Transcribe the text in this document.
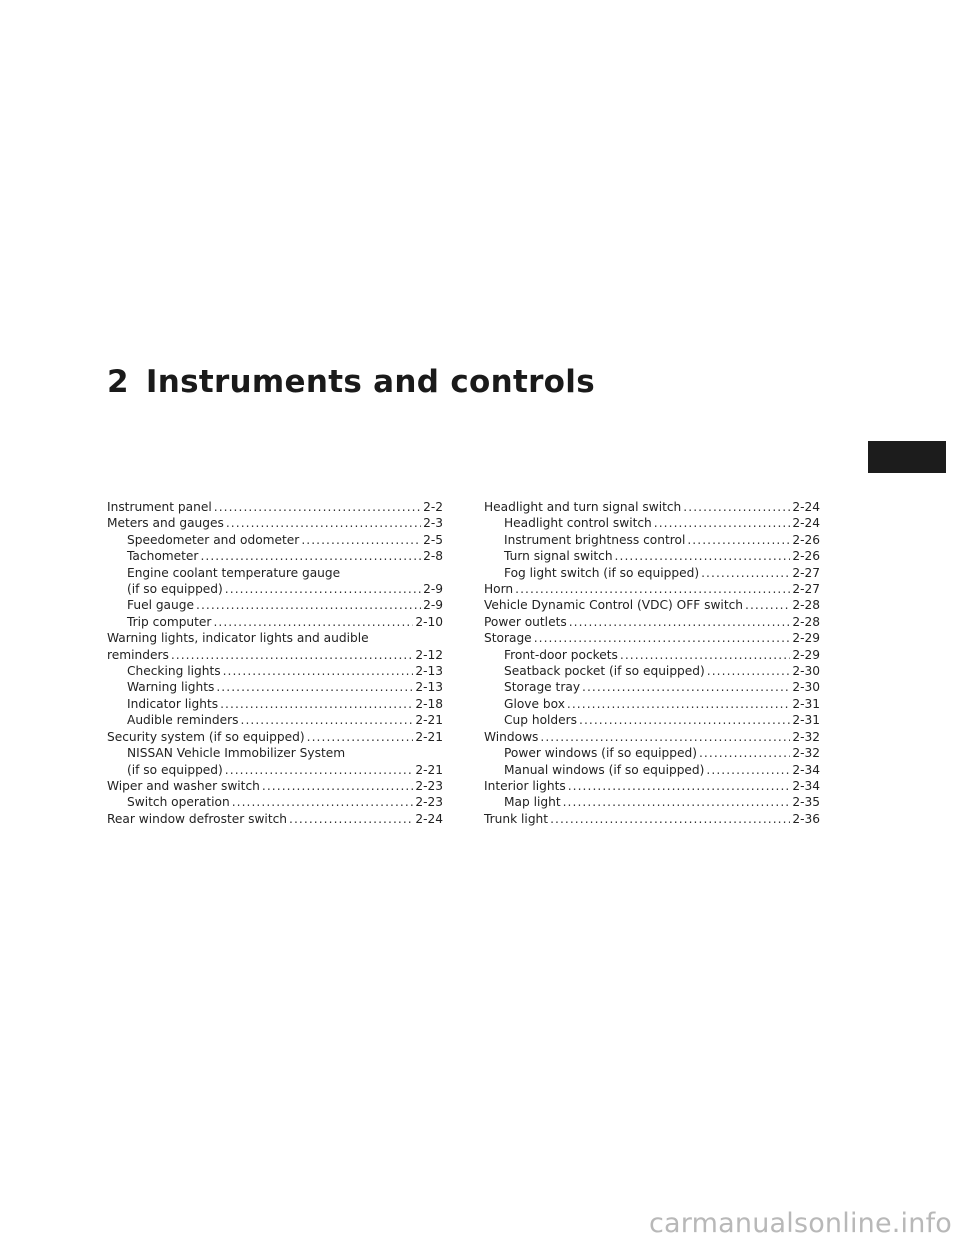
2 Instruments and controls
Instrument panel . . .	2-2
Meters and gauges . . .	2-3
Speedometer and odometer . . .	2-5
Tachometer . . .	2-8
Engine coolant temperature gauge
(if so equipped) . . .	2-9
Fuel gauge . . .	2-9
Trip computer . . .	2-10
Warning lights, indicator lights and audible
reminders . . .	2-12
Checking lights . . .	2-13
Warning lights . . .	2-13
Indicator lights . . .	2-18
Audible reminders . . .	2-21
Security system (if so equipped) . . .	2-21
NISSAN Vehicle Immobilizer System
(if so equipped) . . .	2-21
Wiper and washer switch . . .	2-23
Switch operation . . .	2-23
Rear window defroster switch . . .	2-24
Headlight and turn signal switch . . .	2-24
Headlight control switch . . .	2-24
Instrument brightness control . . .	2-26
Turn signal switch . . .	2-26
Fog light switch (if so equipped) . . .	2-27
Horn . . .	2-27
Vehicle Dynamic Control (VDC) OFF switch . . .	2-28
Power outlets . . .	2-28
Storage . . .	2-29
Front-door pockets . . .	2-29
Seatback pocket (if so equipped) . . .	2-30
Storage tray . . .	2-30
Glove box . . .	2-31
Cup holders . . .	2-31
Windows . . .	2-32
Power windows (if so equipped) . . .	2-32
Manual windows (if so equipped) . . .	2-34
Interior lights . . .	2-34
Map light . . .	2-35
Trunk light . . .	2-36
carmanualsonline.info
